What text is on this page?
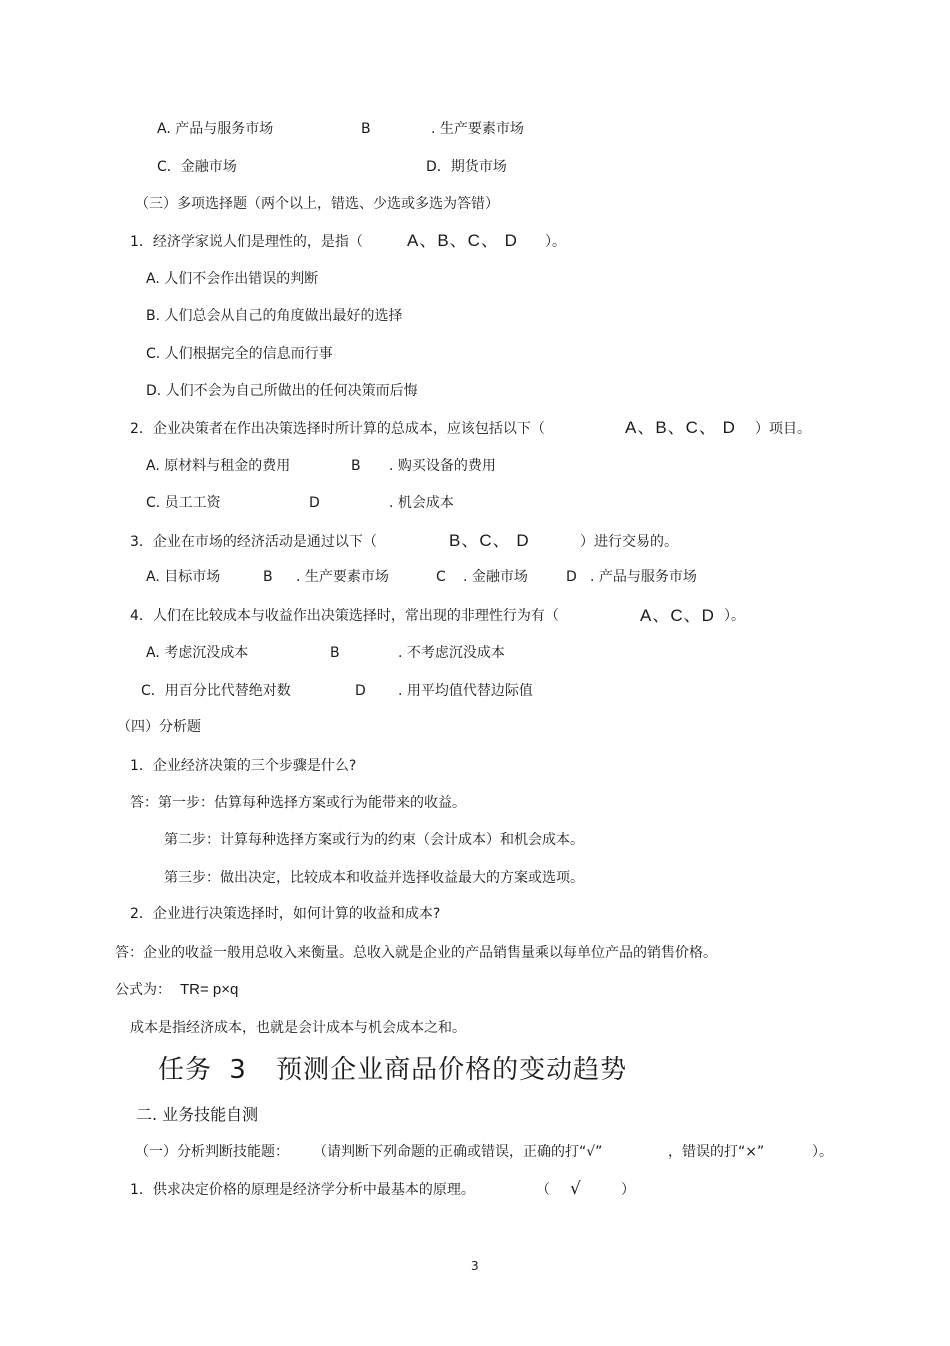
A. 产品与服务市场	B	. 生产要素市场
C．金融市场	D．期货市场
（三）多项选择题（两个以上，错选、少选或多选为答错）
1．经济学家说人们是理性的，是指（	A、B、C、 D ）。
A. 人们不会作出错误的判断
B. 人们总会从自己的角度做出最好的选择
C. 人们根据完全的信息而行事
D. 人们不会为自己所做出的任何决策而后悔
2．企业决策者在作出决策选择时所计算的总成本，应该包括以下（	A、B、C、 D ）项目。
A. 原材料与租金的费用	B . 购买设备的费用
C. 员工工资	D	. 机会成本
3．企业在市场的经济活动是通过以下（	B、C、 D	）进行交易的。
A. 目标市场	B . 生产要素市场	C . 金融市场	D . 产品与服务市场
4．人们在比较成本与收益作出决策选择时，常出现的非理性行为有（	A、C、D ）。
A. 考虑沉没成本	B	. 不考虑沉没成本
C．用百分比代替绝对数	D . 用平均值代替边际值
（四）分析题
1．企业经济决策的三个步骤是什么?
答：第一步：估算每种选择方案或行为能带来的收益。
第二步：计算每种选择方案或行为的约束（会计成本）和机会成本。
第三步：做出决定，比较成本和收益并选择收益最大的方案或选项。
2．企业进行决策选择时，如何计算的收益和成本?
答：企业的收益一般用总收入来衡量。总收入就是企业的产品销售量乘以每单位产品的销售价格。
公式为： TR= p×q
成本是指经济成本，也就是会计成本与机会成本之和。
任务 3 预测企业商品价格的变动趋势
二. 业务技能自测
（一）分析判断技能题： （请判断下列命题的正确或错误，正确的打“√”	，错误的打“×”	）。
1．供求决定价格的原理是经济学分析中最基本的原理。	（ √	）
3
